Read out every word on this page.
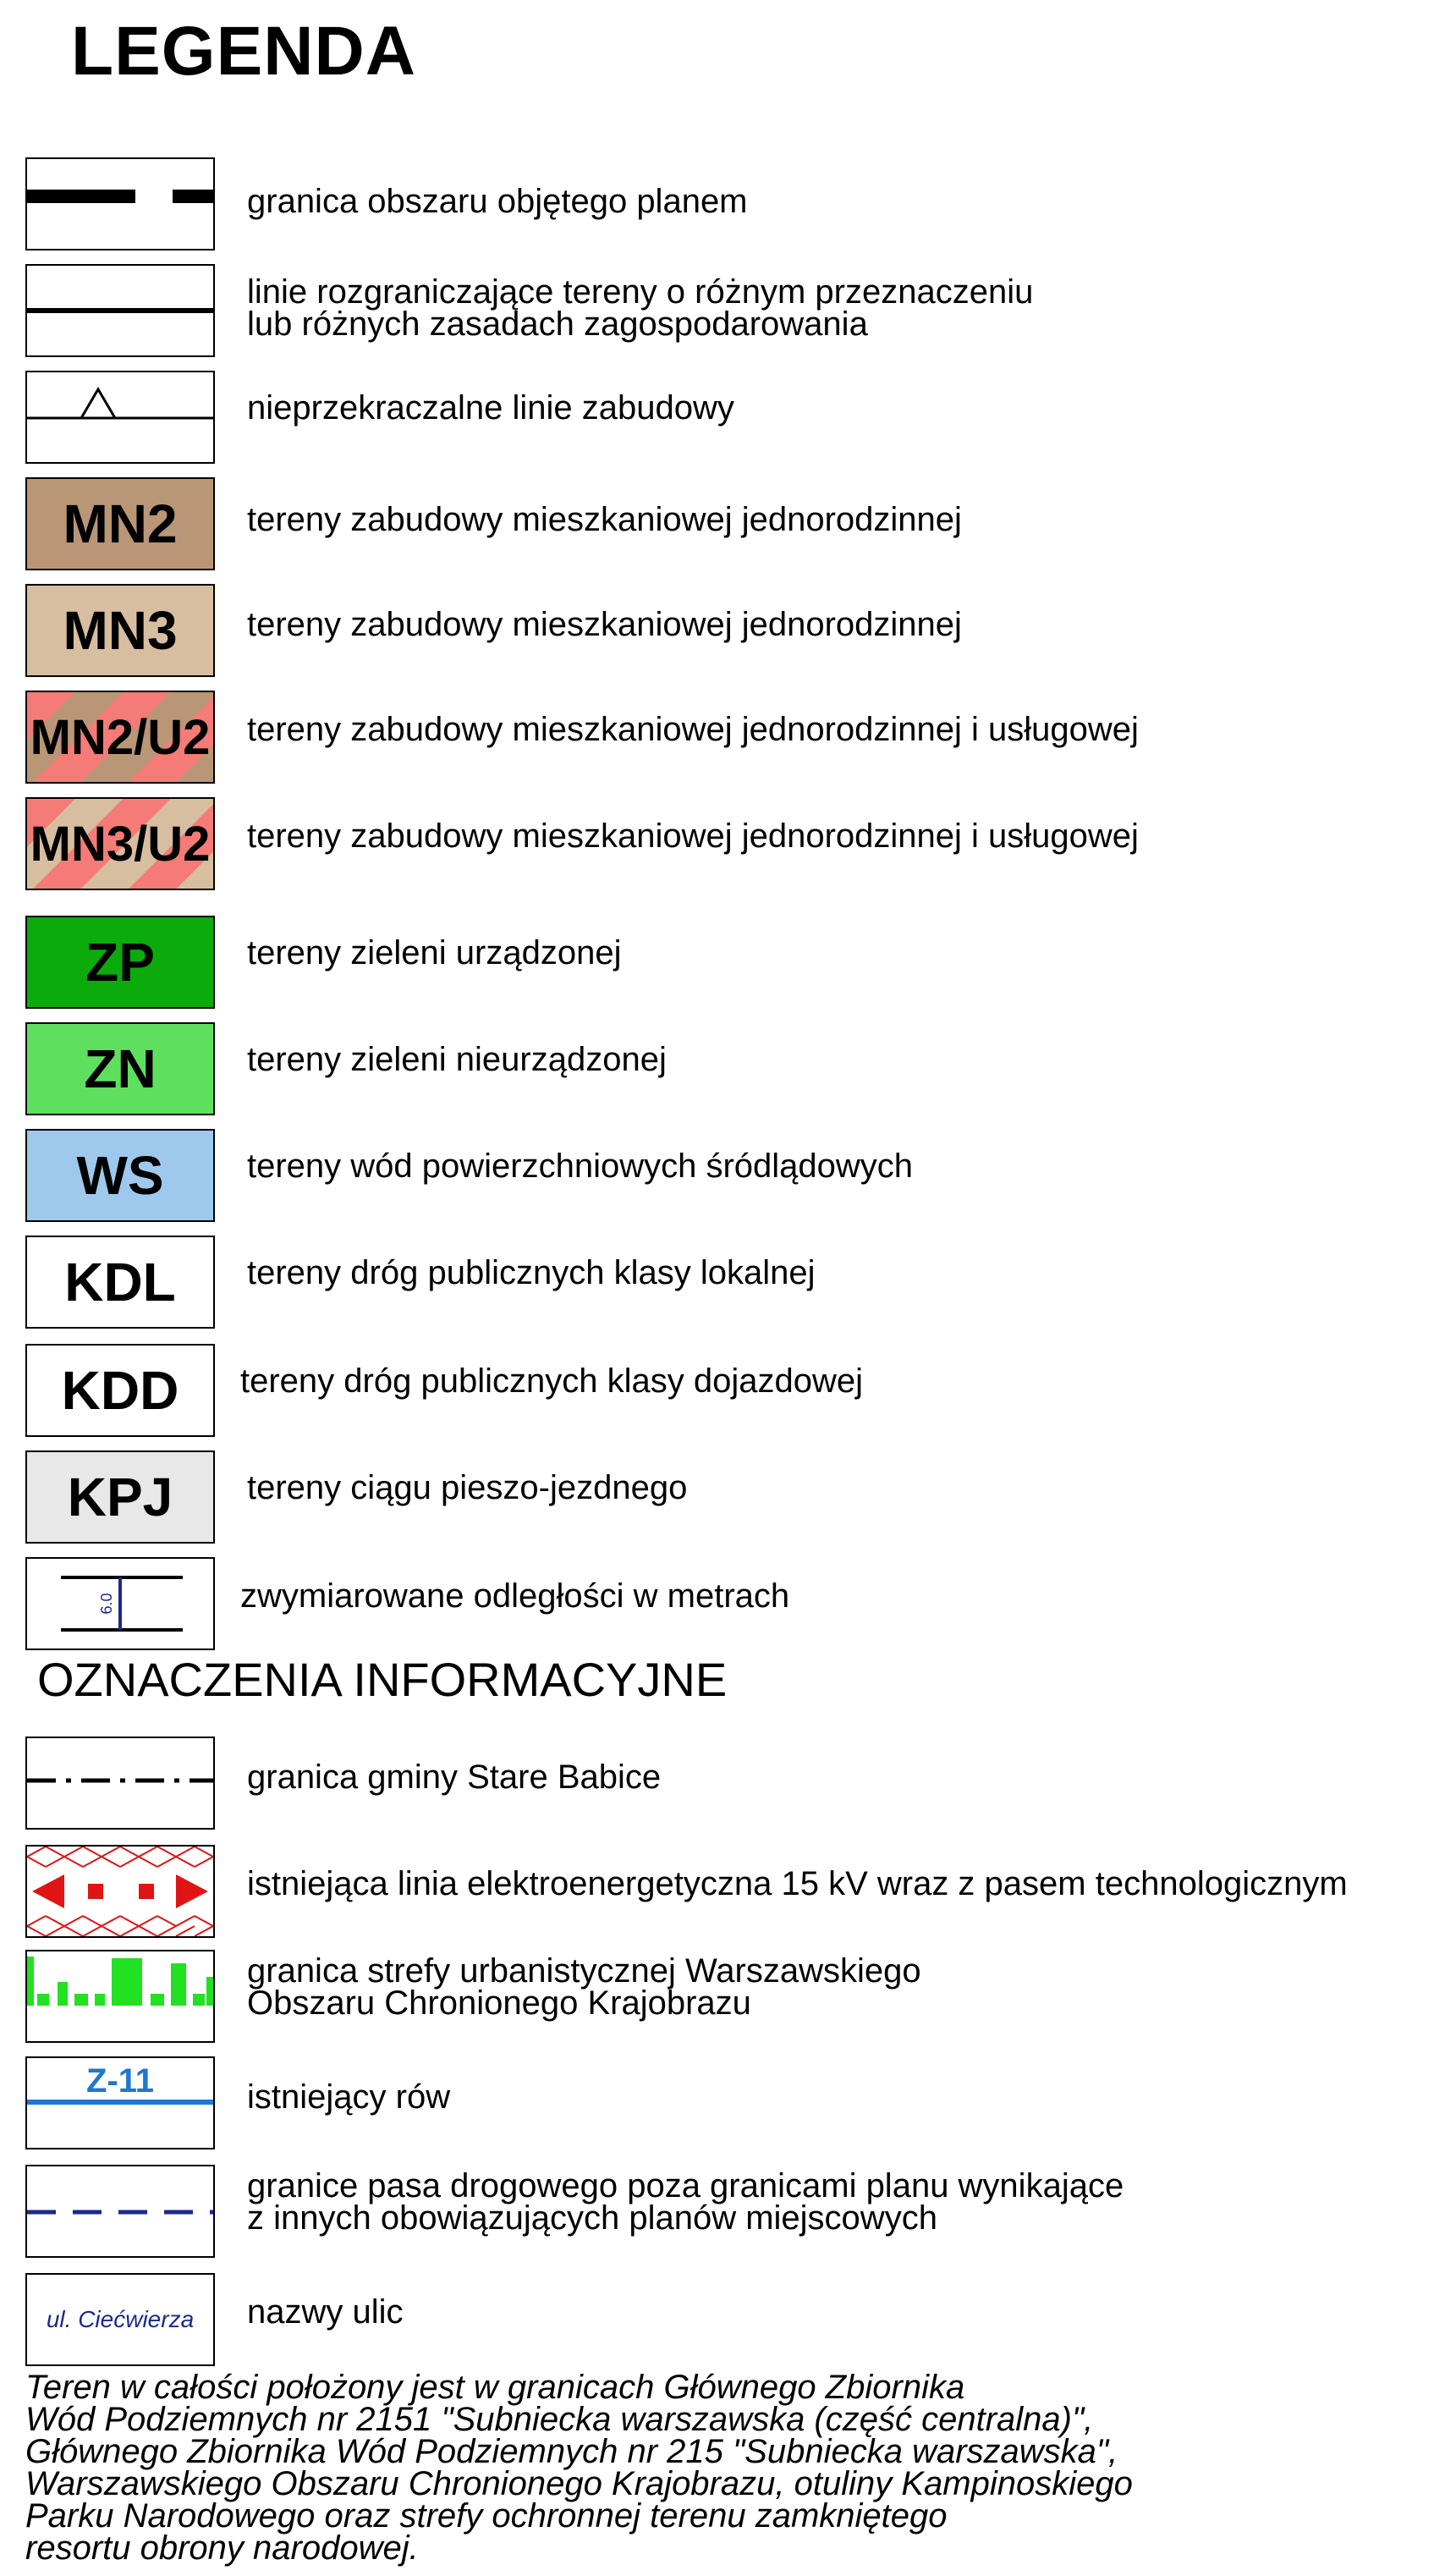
LEGENDA
granica obszaru objętego planem
linie rozgraniczające tereny o różnym przeznaczeniu
lub różnych zasadach zagospodarowania
nieprzekraczalne linie zabudowy
MN2	tereny zabudowy mieszkaniowej jednorodzinnej
MN3	tereny zabudowy mieszkaniowej jednorodzinnej
MN2/U2 tereny zabudowy mieszkaniowej jednorodzinnej i usługowej
MN3/U2 tereny zabudowy mieszkaniowej jednorodzinnej i usługowej
ZP	tereny zieleni urządzonej
ZN	tereny zieleni nieurządzonej
WS	tereny wód powierzchniowych śródlądowych
KDL	tereny dróg publicznych klasy lokalnej
KDD	tereny dróg publicznych klasy dojazdowej
KPJ	tereny ciągu pieszo-jezdnego
6.0	zwymiarowane odległości w metrach
OZNACZENIA INFORMACYJNE
granica gminy Stare Babice
istniejąca linia elektroenergetyczna 15 kV wraz z pasem technologicznym
granica strefy urbanistycznej Warszawskiego
Obszaru Chronionego Krajobrazu
Z-11	istniejący rów
granice pasa drogowego poza granicami planu wynikające
z innych obowiązujących planów miejscowych
ul. Ciećwierza	nazwy ulic
Teren w całości położony jest w granicach Głównego Zbiornika
Wód Podziemnych nr 2151 "Subniecka warszawska (część centralna)",
Głównego Zbiornika Wód Podziemnych nr 215 "Subniecka warszawska",
Warszawskiego Obszaru Chronionego Krajobrazu, otuliny Kampinoskiego
Parku Narodowego oraz strefy ochronnej terenu zamkniętego
resortu obrony narodowej.
